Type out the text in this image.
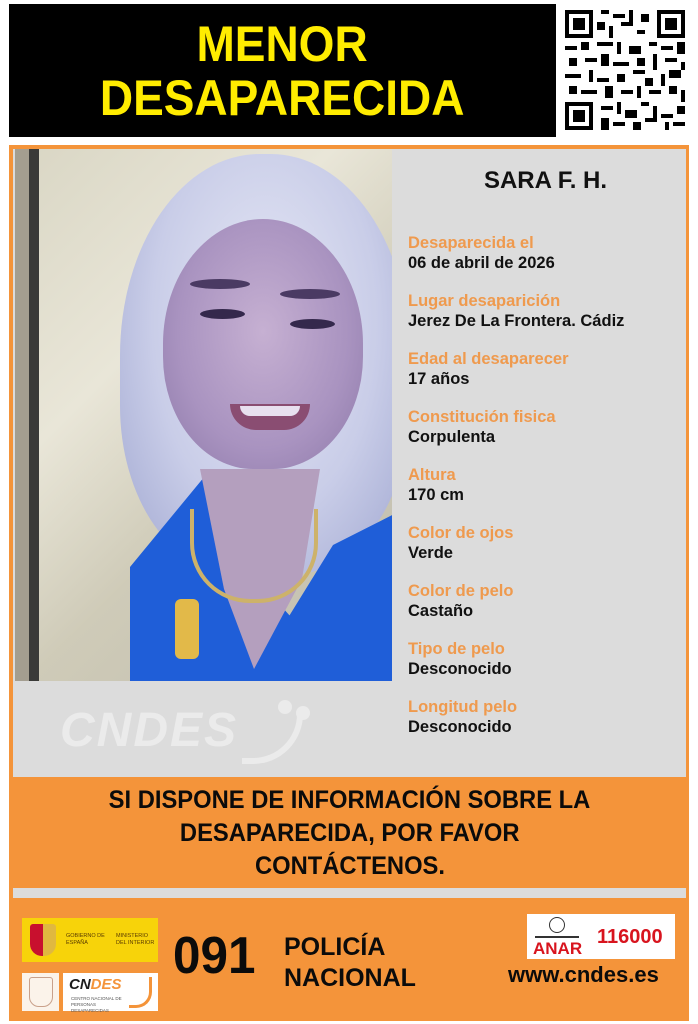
MENOR
DESAPARECIDA
CNDES
SARA F. H.
Desaparecida el
06 de abril de 2026
Lugar desaparición
Jerez De La Frontera. Cádiz
Edad al desaparecer
17 años
Constitución fisica
Corpulenta
Altura
170 cm
Color de ojos
Verde
Color de pelo
Castaño
Tipo de pelo
Desconocido
Longitud pelo
Desconocido
SI DISPONE DE INFORMACIÓN SOBRE LA
DESAPARECIDA, POR FAVOR
CONTÁCTENOS.
GOBIERNO DE ESPAÑA
MINISTERIO DEL INTERIOR
CNDES
CENTRO NACIONAL DE PERSONAS DESAPARECIDAS
091 POLICÍA
NACIONAL
ANAR
116000
www.cndes.es
